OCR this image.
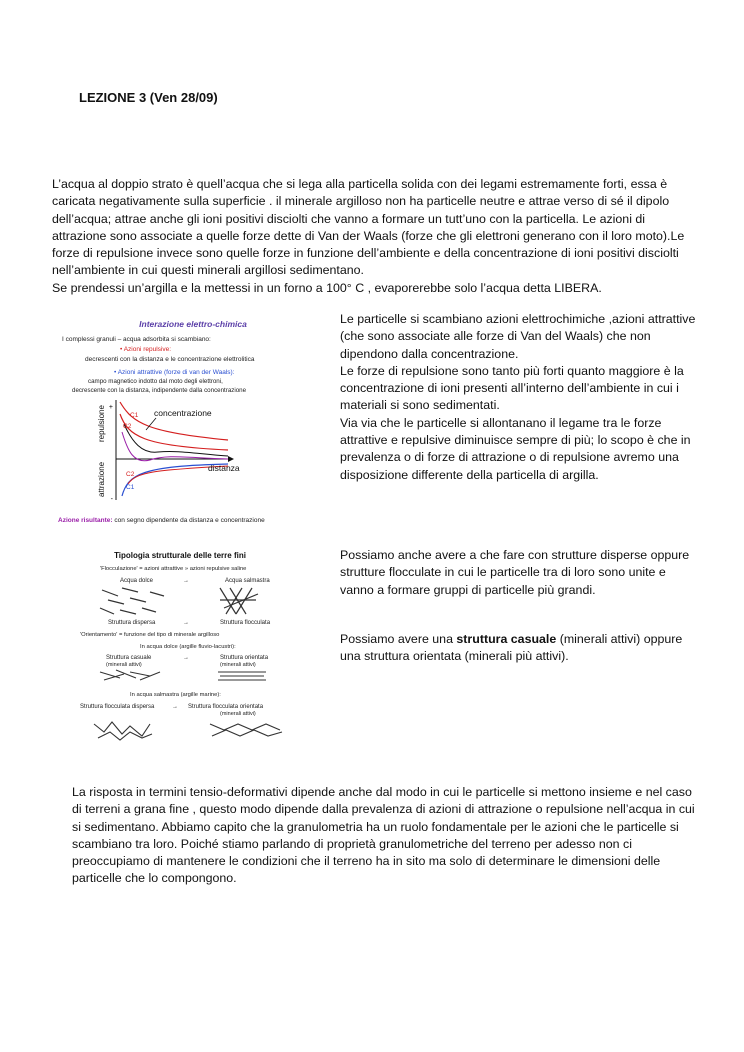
LEZIONE 3 (Ven 28/09)
L’acqua al doppio strato è quell’acqua che si lega alla particella solida con dei legami estremamente forti, essa è
caricata negativamente sulla superficie . il minerale argilloso non ha particelle neutre e attrae verso di sé il dipolo
dell’acqua; attrae anche gli ioni positivi disciolti che vanno a formare un tutt’uno con la particella. Le azioni di
attrazione sono associate a quelle forze dette di Van der Waals (forze che gli elettroni generano con il loro moto).Le
forze di repulsione invece sono quelle forze in funzione dell’ambiente e della concentrazione di ioni positivi disciolti
nell’ambiente in cui questi minerali argillosi sedimentano.
Se prendessi un’argilla e la mettessi in un forno a 100° C , evaporerebbe solo l’acqua detta LIBERA.
Interazione elettro-chimica
I complessi granuli – acqua adsorbita si scambiano:
• Azioni repulsive:
decrescenti con la distanza e le concentrazione elettrolitica
• Azioni attrattive (forze di van der Waals):
campo magnetico indotto dal moto degli elettroni,
decrescente con la distanza, indipendente dalla concentrazione
+
-
repulsione
attrazione
C1
C2
C2
C1
concentrazione
distanza
Azione risultante: con segno dipendente da distanza e concentrazione
Le particelle si scambiano azioni elettrochimiche ,azioni attrattive
(che sono associate alle forze di Van del Waals) che non
dipendono dalla concentrazione.
Le forze di repulsione sono tanto più forti quanto maggiore è la
concentrazione di ioni presenti all’interno dell’ambiente in cui i
materiali si sono sedimentati.
Via via che le particelle si allontanano il legame tra le forze
attrattive e repulsive diminuisce sempre di più; lo scopo è che in
prevalenza o di forze di attrazione o di repulsione avremo una
disposizione differente della particella di argilla.
Tipologia strutturale delle terre fini
'Flocculazione' = azioni attrattive » azioni repulsive saline
Acqua dolce	→	Acqua salmastra
Struttura dispersa	→	Struttura flocculata
'Orientamento' = funzione del tipo di minerale argilloso
In acqua dolce (argille fluvio-lacustri):
Struttura casuale
(minerali attivi)
→	Struttura orientata
(minerali attivi)
In acqua salmastra (argille marine):
Struttura flocculata dispersa	→ Struttura flocculata orientata
(minerali attivi)
Possiamo anche avere a che fare con strutture disperse oppure
strutture flocculate in cui le particelle tra di loro sono unite e
vanno a formare gruppi di particelle più grandi.
Possiamo avere una struttura casuale (minerali attivi) oppure
una struttura orientata (minerali più attivi).
La risposta in termini tensio-deformativi dipende anche dal modo in cui le particelle si mettono insieme e nel caso
di terreni a grana fine , questo modo dipende dalla prevalenza di azioni di attrazione o repulsione nell’acqua in cui
si sedimentano. Abbiamo capito che la granulometria ha un ruolo fondamentale per le azioni che le particelle si
scambiano tra loro. Poiché stiamo parlando di proprietà granulometriche del terreno per adesso non ci
preoccupiamo di mantenere le condizioni che il terreno ha in sito ma solo di determinare le dimensioni delle
particelle che lo compongono.
